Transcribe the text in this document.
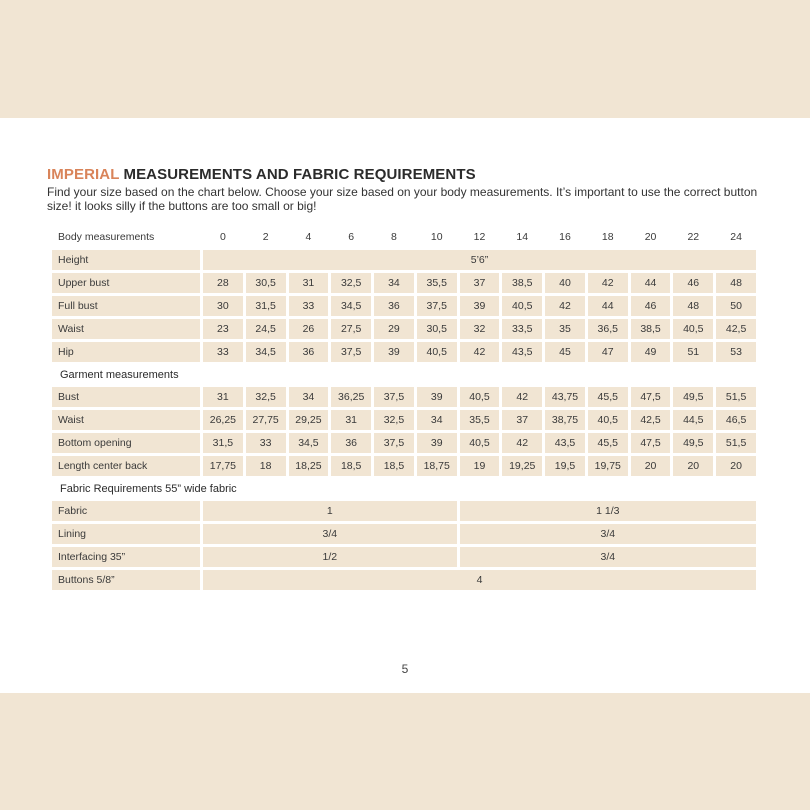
IMPERIAL MEASUREMENTS AND FABRIC REQUIREMENTS

Find your size based on the chart below. Choose your size based on your body measurements. It’s important to use the correct button size! it looks silly if the buttons are too small or big!

Body measurements	0	2	4	6	8	10	12	14	16	18	20	22	24
Height	5’6”												
Upper bust	28	30,5	31	32,5	34	35,5	37	38,5	40	42	44	46	48
Full bust	30	31,5	33	34,5	36	37,5	39	40,5	42	44	46	48	50
Waist	23	24,5	26	27,5	29	30,5	32	33,5	35	36,5	38,5	40,5	42,5
Hip	33	34,5	36	37,5	39	40,5	42	43,5	45	47	49	51	53
Garment measurements													
Bust	31	32,5	34	36,25	37,5	39	40,5	42	43,75	45,5	47,5	49,5	51,5
Waist	26,25	27,75	29,25	31	32,5	34	35,5	37	38,75	40,5	42,5	44,5	46,5
Bottom opening	31,5	33	34,5	36	37,5	39	40,5	42	43,5	45,5	47,5	49,5	51,5
Length center back	17,75	18	18,25	18,5	18,5	18,75	19	19,25	19,5	19,75	20	20	20
Fabric Requirements 55” wide fabric													
Fabric	1						1 1/3						
Lining	3/4						3/4						
Interfacing 35”	1/2						3/4						
Buttons 5/8”	4												
5
